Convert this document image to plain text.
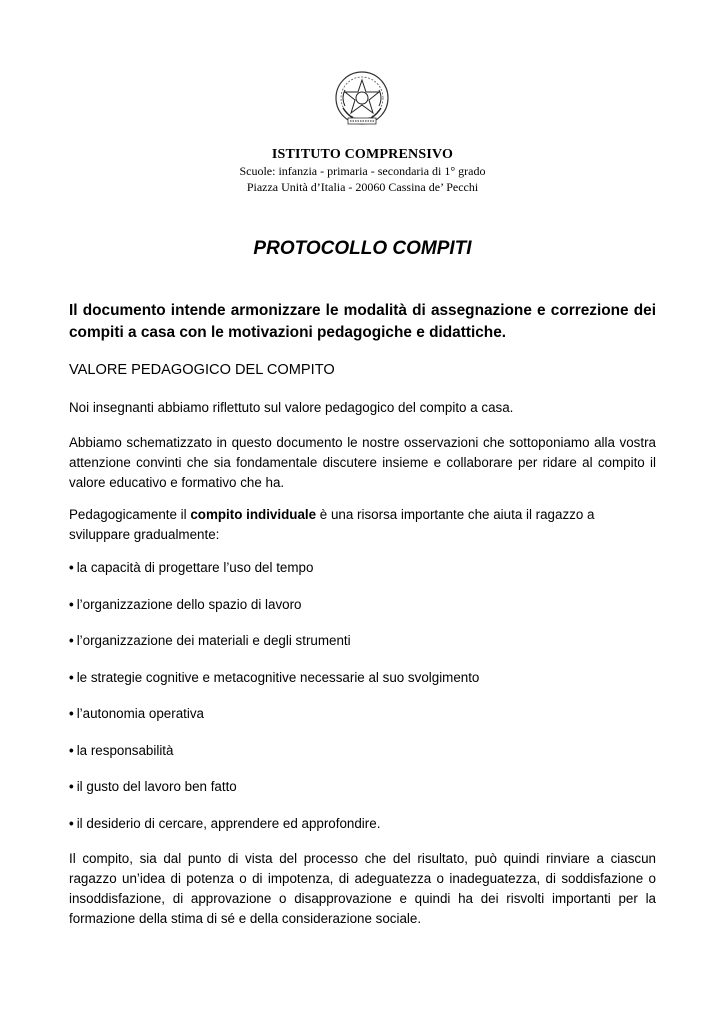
ISTITUTO COMPRENSIVO
Scuole: infanzia - primaria - secondaria di 1° grado
Piazza Unità d’Italia - 20060 Cassina de’ Pecchi
PROTOCOLLO COMPITI
Il documento intende armonizzare le modalità di assegnazione e correzione dei compiti a casa con le motivazioni pedagogiche e didattiche.
VALORE PEDAGOGICO DEL COMPITO
Noi insegnanti abbiamo riflettuto sul valore pedagogico del compito a casa.
Abbiamo schematizzato in questo documento le nostre osservazioni che sottoponiamo alla vostra attenzione convinti che sia fondamentale discutere insieme e collaborare per ridare al compito il valore educativo e formativo che ha.
Pedagogicamente il compito individuale è una risorsa importante che aiuta il ragazzo a sviluppare gradualmente:
• la capacità di progettare l’uso del tempo
• l’organizzazione dello spazio di lavoro
• l’organizzazione dei materiali e degli strumenti
• le strategie cognitive e metacognitive necessarie al suo svolgimento
• l’autonomia operativa
• la responsabilità
• il gusto del lavoro ben fatto
• il desiderio di cercare, apprendere ed approfondire.
Il compito, sia dal punto di vista del processo che del risultato, può quindi rinviare a ciascun ragazzo un’idea di potenza o di impotenza, di adeguatezza o inadeguatezza, di soddisfazione o insoddisfazione, di approvazione o disapprovazione e quindi ha dei risvolti importanti per la formazione della stima di sé e della considerazione sociale.
